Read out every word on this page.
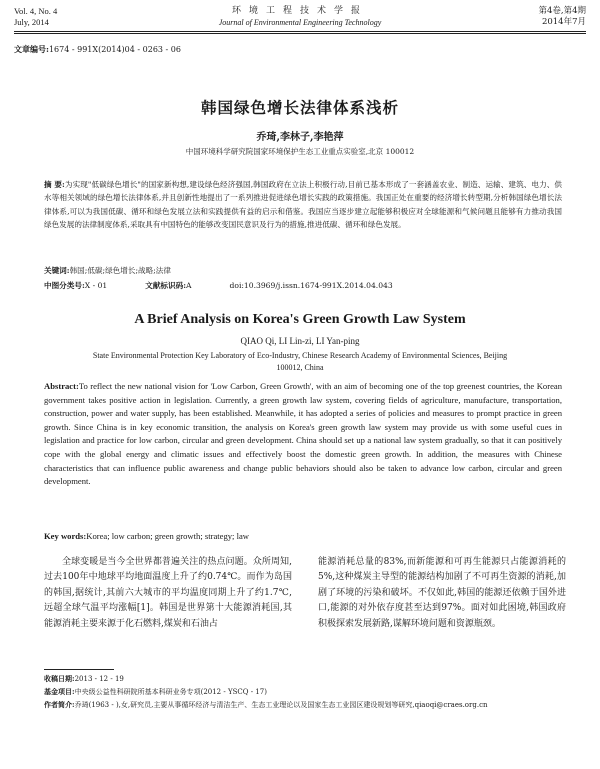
Vol. 4, No. 4
July, 2014
环境工程技术学报
Journal of Environmental Engineering Technology
第4卷,第4期
2014年7月
文章编号:1674 - 991X(2014)04 - 0263 - 06
韩国绿色增长法律体系浅析
乔琦,李林子,李艳萍
中国环境科学研究院国家环境保护生态工业重点实验室,北京 100012
摘 要:为实现"低碳绿色增长"的国家新构想,建设绿色经济强国,韩国政府在立法上积极行动,目前已基本形成了一套涵盖农业、制造、运输、建筑、电力、供水等相关领域的绿色增长法律体系,并且创新性地提出了一系列推进促进绿色增长实践的政策措施。我国正处在重要的经济增长转型期,分析韩国绿色增长法律体系,可以为我国低碳、循环和绿色发展立法和实践提供有益的启示和借鉴。我国应当逐步建立起能够积极应对全球能源和气候问题且能够有力推动我国绿色发展的法律制度体系,采取具有中国特色的能够改变国民意识及行为的措施,推进低碳、循环和绿色发展。
关键词:韩国;低碳;绿色增长;战略;法律
中图分类号:X - 01	文献标识码:A	doi:10.3969/j.issn.1674-991X.2014.04.043
A Brief Analysis on Korea's Green Growth Law System
QIAO Qi, LI Lin-zi, LI Yan-ping
State Environmental Protection Key Laboratory of Eco-Industry, Chinese Research Academy of Environmental Sciences, Beijing 100012, China
Abstract:To reflect the new national vision for 'Low Carbon, Green Growth', with an aim of becoming one of the top greenest countries, the Korean government takes positive action in legislation. Currently, a green growth law system, covering fields of agriculture, manufacture, transportation, construction, power and water supply, has been established. Meanwhile, it has adopted a series of policies and measures to prompt practice in green growth. Since China is in key economic transition, the analysis on Korea's green growth law system may provide us with some useful cues in legislation and practice for low carbon, circular and green development. China should set up a national law system gradually, so that it can positively cope with the global energy and climatic issues and effectively boost the domestic green growth. In addition, the measures with Chinese characteristics that can influence public awareness and change public behaviors should also be taken to advance low carbon, circular and green development.
Key words:Korea; low carbon; green growth; strategy; law
全球变暖是当今全世界都普遍关注的热点问题。众所周知,过去100年中地球平均地面温度上升了约0.74℃。而作为岛国的韩国,据统计,其前六大城市的平均温度同期上升了约1.7℃,远超全球气温平均涨幅[1]。韩国是世界第十大能源消耗国,其能源消耗主要来源于化石燃料,煤炭和石油占
能源消耗总量的83%,而新能源和可再生能源只占能源消耗的5%,这种煤炭主导型的能源结构加剧了不可再生资源的消耗,加剧了环境的污染和破坏。不仅如此,韩国的能源还依赖于国外进口,能源的对外依存度甚至达到97%。面对如此困境,韩国政府积极探索发展新路,谋解环境问题和资源瓶颈。
收稿日期:2013 - 12 - 19
基金项目:中央级公益性科研院所基本科研业务专项(2012 - YSCQ - 17)
作者简介:乔琦(1963 - ),女,研究员,主要从事循环经济与清洁生产、生态工业理论以及国家生态工业园区建设规划等研究,qiaoqi@craes.org.cn
